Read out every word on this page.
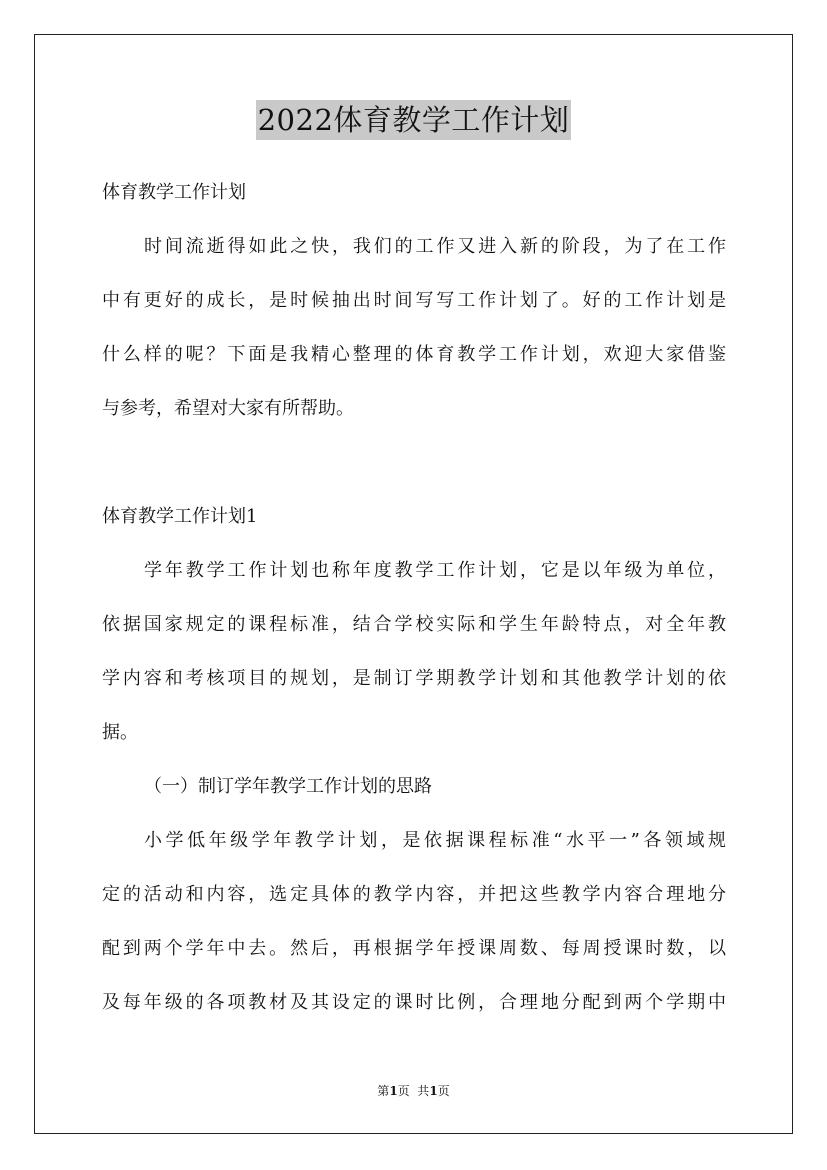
2022体育教学工作计划
体育教学工作计划
时间流逝得如此之快，我们的工作又进入新的阶段，为了在工作
中有更好的成长，是时候抽出时间写写工作计划了。好的工作计划是
什么样的呢？下面是我精心整理的体育教学工作计划，欢迎大家借鉴
与参考，希望对大家有所帮助。
体育教学工作计划1
学年教学工作计划也称年度教学工作计划，它是以年级为单位，
依据国家规定的课程标准，结合学校实际和学生年龄特点，对全年教
学内容和考核项目的规划，是制订学期教学计划和其他教学计划的依
据。
（一）制订学年教学工作计划的思路
小学低年级学年教学计划，是依据课程标准“水平一”各领域规
定的活动和内容，选定具体的教学内容，并把这些教学内容合理地分
配到两个学年中去。然后，再根据学年授课周数、每周授课时数，以
及每年级的各项教材及其设定的课时比例，合理地分配到两个学期中
第1页  共1页
